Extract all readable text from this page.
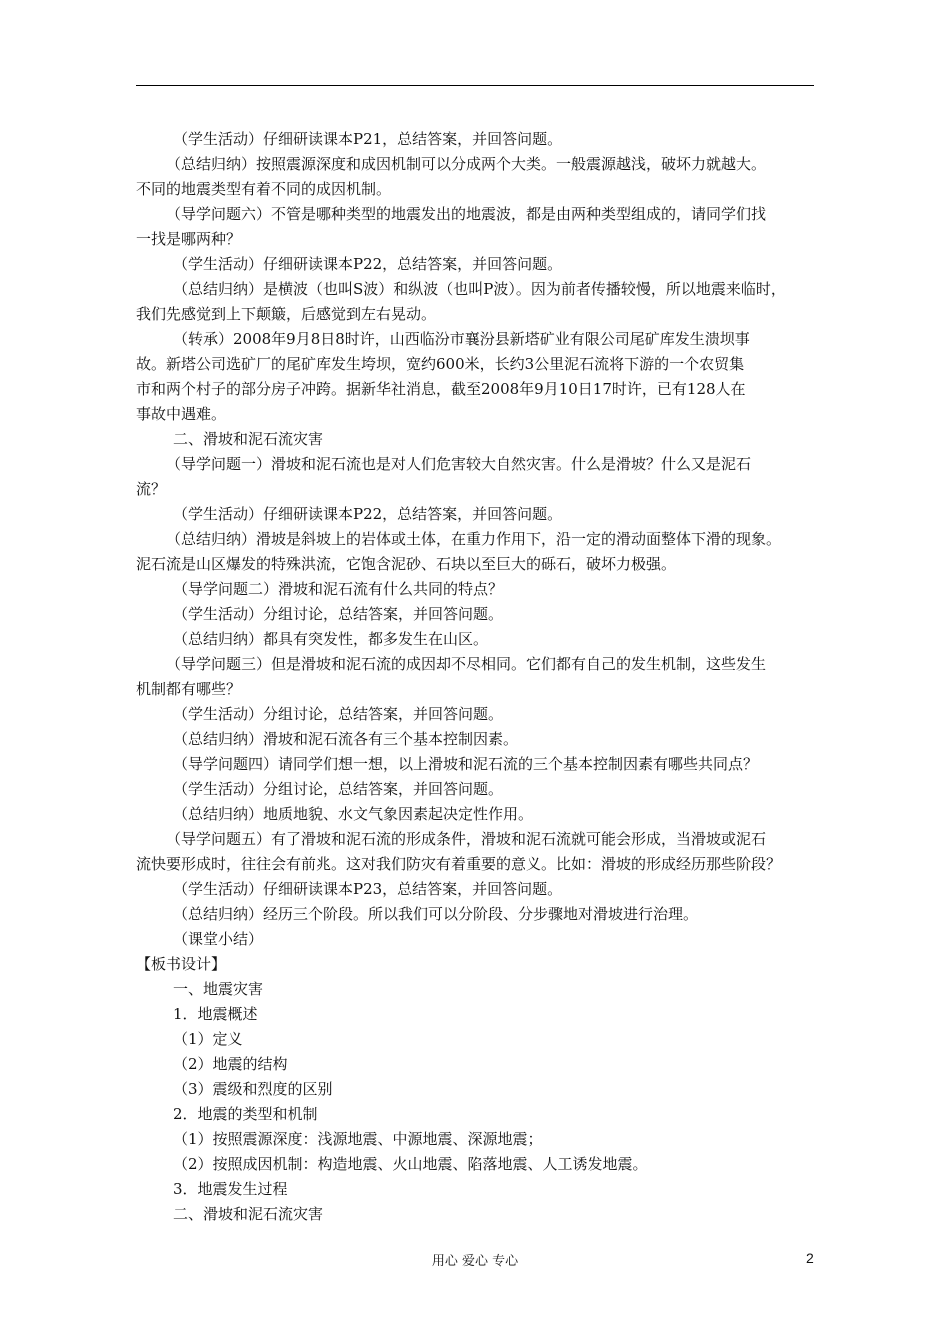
（学生活动）仔细研读课本P21，总结答案，并回答问题。

（总结归纳）按照震源深度和成因机制可以分成两个大类。一般震源越浅，破坏力就越大。

不同的地震类型有着不同的成因机制。

（导学问题六）不管是哪种类型的地震发出的地震波，都是由两种类型组成的，请同学们找

一找是哪两种？

（学生活动）仔细研读课本P22，总结答案，并回答问题。

（总结归纳）是横波（也叫S波）和纵波（也叫P波）。因为前者传播较慢，所以地震来临时，

我们先感觉到上下颠簸，后感觉到左右晃动。

（转承）2008年9月8日8时许，山西临汾市襄汾县新塔矿业有限公司尾矿库发生溃坝事

故。新塔公司选矿厂的尾矿库发生垮坝，宽约600米，长约3公里泥石流将下游的一个农贸集

市和两个村子的部分房子冲跨。据新华社消息，截至2008年9月10日17时许，已有128人在

事故中遇难。

二、滑坡和泥石流灾害

（导学问题一）滑坡和泥石流也是对人们危害较大自然灾害。什么是滑坡？什么又是泥石

流？

（学生活动）仔细研读课本P22，总结答案，并回答问题。

（总结归纳）滑坡是斜坡上的岩体或土体，在重力作用下，沿一定的滑动面整体下滑的现象。

泥石流是山区爆发的特殊洪流，它饱含泥砂、石块以至巨大的砾石，破坏力极强。

（导学问题二）滑坡和泥石流有什么共同的特点？

（学生活动）分组讨论，总结答案，并回答问题。

（总结归纳）都具有突发性，都多发生在山区。

（导学问题三）但是滑坡和泥石流的成因却不尽相同。它们都有自己的发生机制，这些发生

机制都有哪些？

（学生活动）分组讨论，总结答案，并回答问题。

（总结归纳）滑坡和泥石流各有三个基本控制因素。

（导学问题四）请同学们想一想，以上滑坡和泥石流的三个基本控制因素有哪些共同点？

（学生活动）分组讨论，总结答案，并回答问题。

（总结归纳）地质地貌、水文气象因素起决定性作用。

（导学问题五）有了滑坡和泥石流的形成条件，滑坡和泥石流就可能会形成，当滑坡或泥石

流快要形成时，往往会有前兆。这对我们防灾有着重要的意义。比如：滑坡的形成经历那些阶段？

（学生活动）仔细研读课本P23，总结答案，并回答问题。

（总结归纳）经历三个阶段。所以我们可以分阶段、分步骤地对滑坡进行治理。

（课堂小结）

【板书设计】

一、地震灾害

1．地震概述

（1）定义

（2）地震的结构

（3）震级和烈度的区别

2．地震的类型和机制

（1）按照震源深度：浅源地震、中源地震、深源地震；

（2）按照成因机制：构造地震、火山地震、陷落地震、人工诱发地震。

3．地震发生过程

二、滑坡和泥石流灾害

用心 爱心 专心	2
